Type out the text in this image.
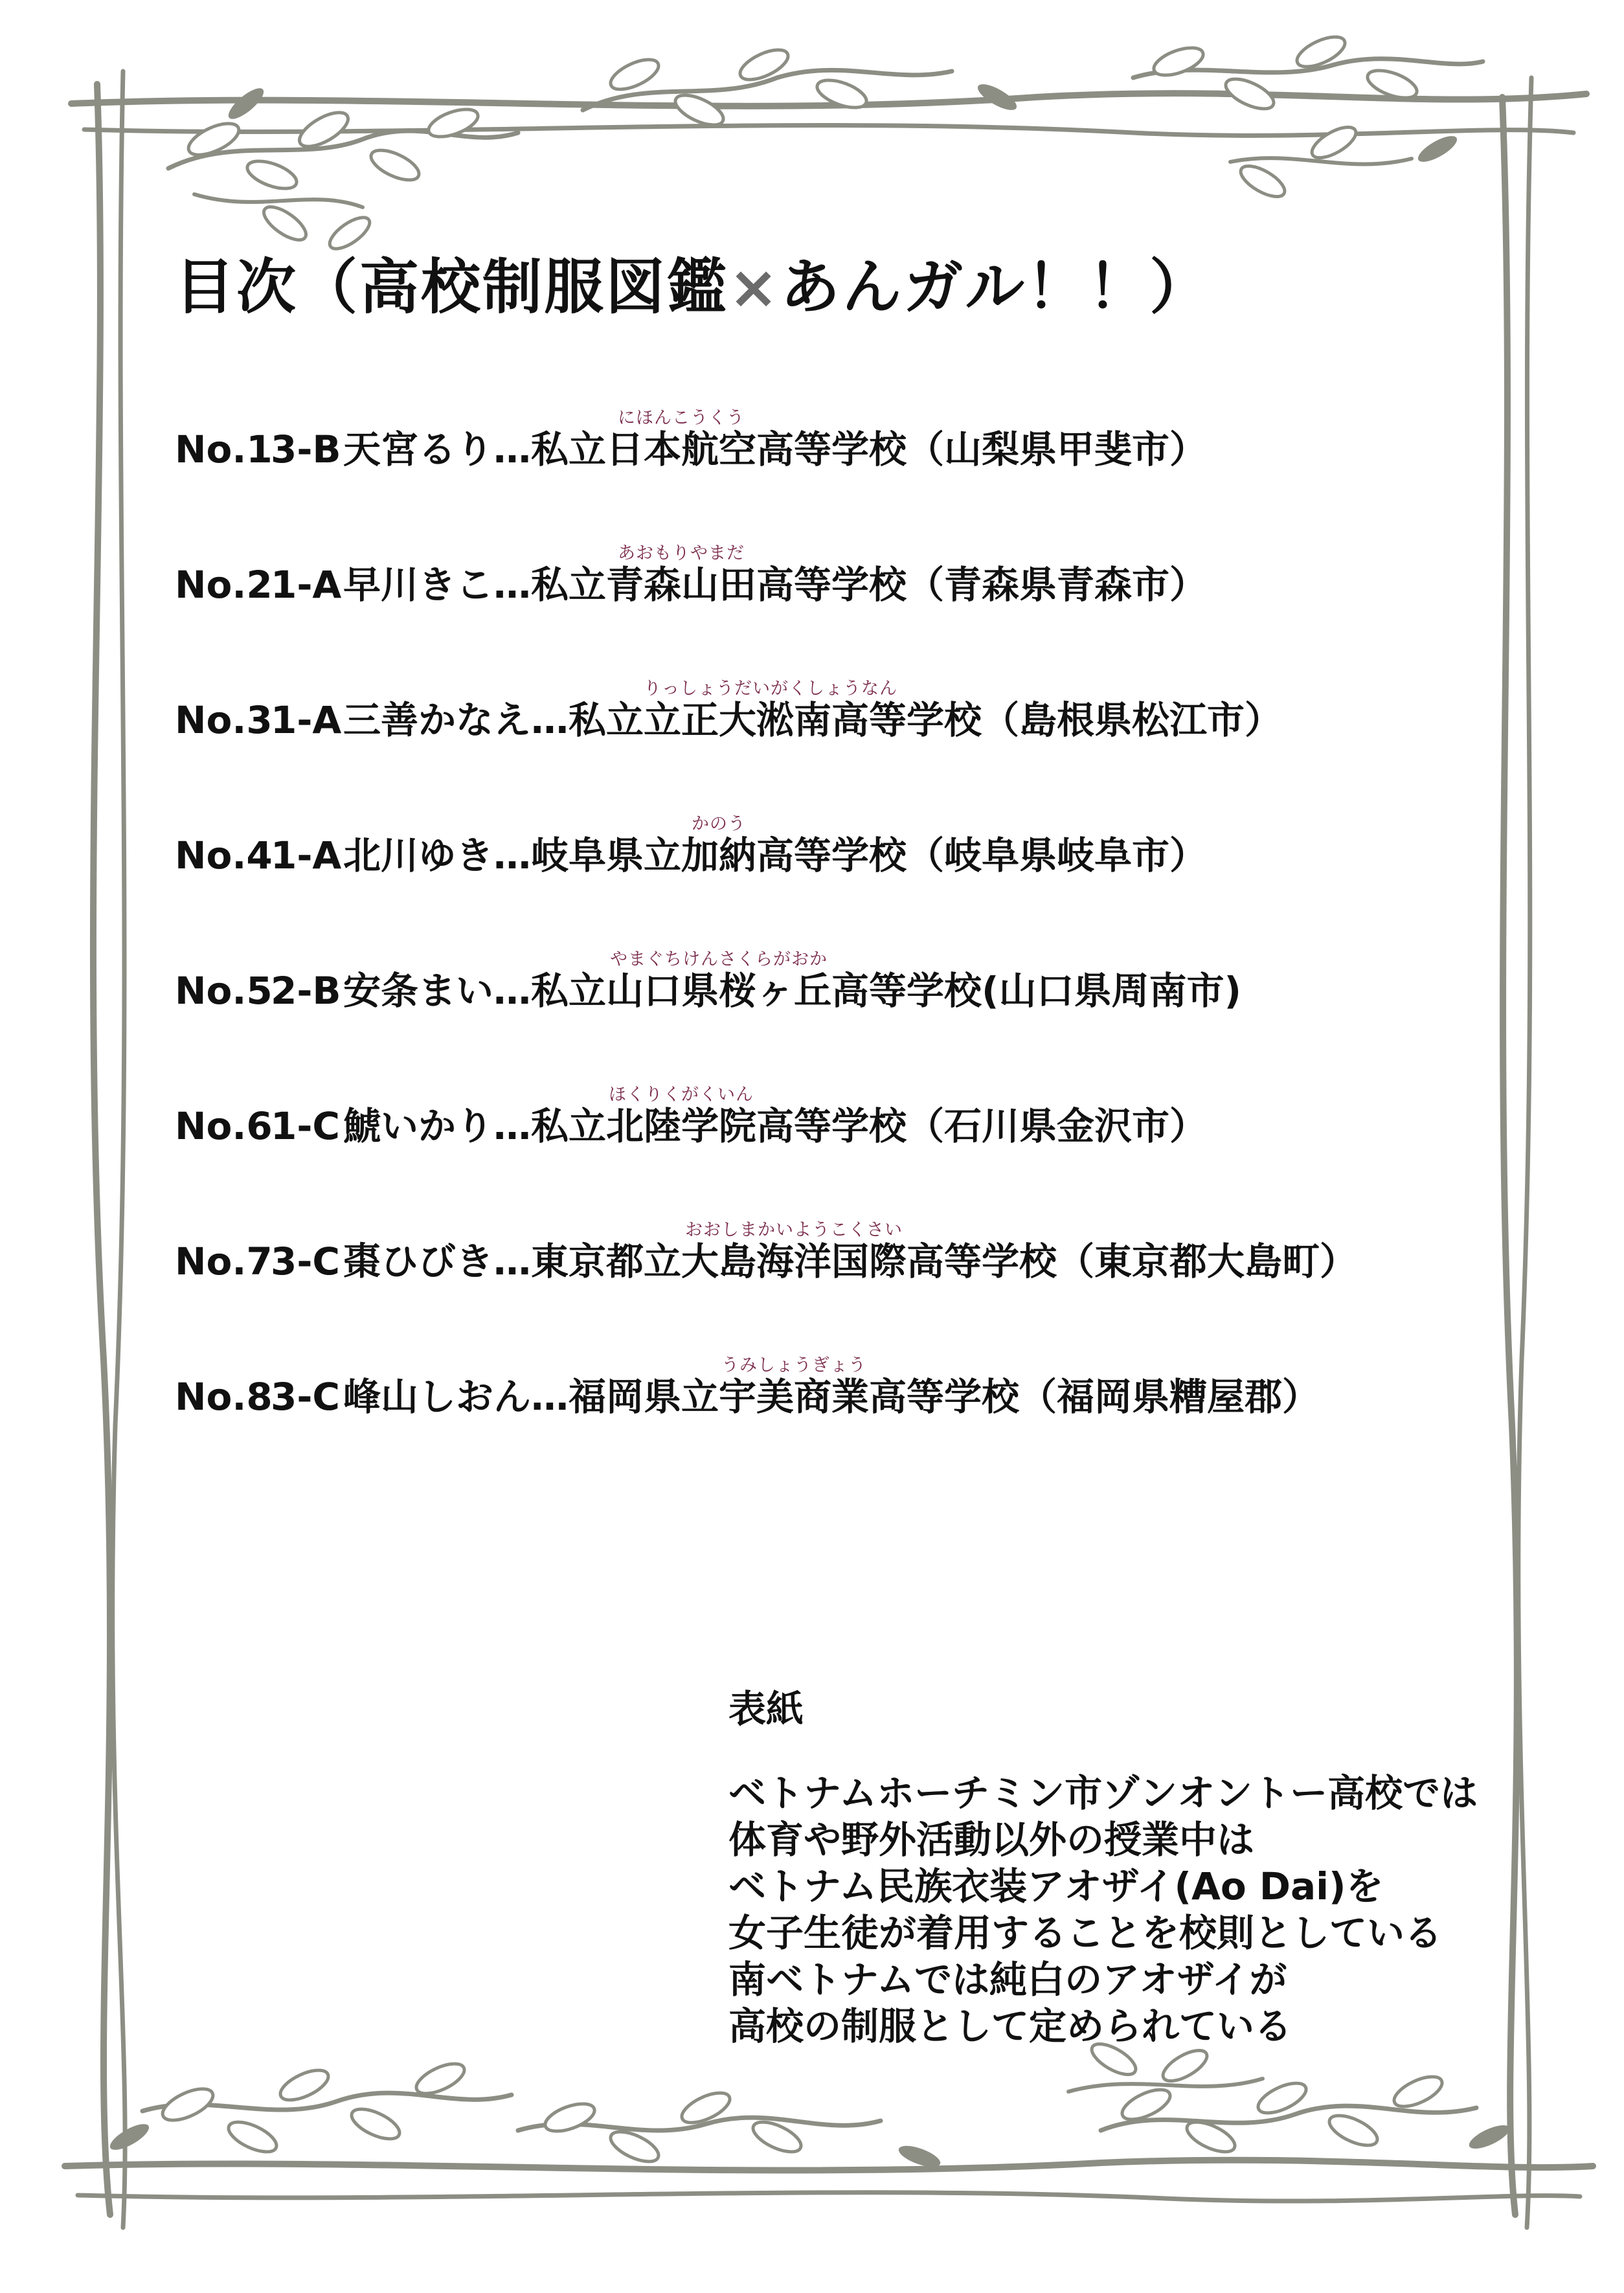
目次（高校制服図鑑×あんガル！！）
No.13-B天宮るり…私立
にほんこうくう
日本航空高等学校（山梨県甲斐市）
No.21-A早川きこ…私立
あおもりやまだ
青森山田高等学校（青森県青森市）
No.31-A三善かなえ…私立
りっしょうだいがくしょうなん
立正大淞南高等学校（島根県松江市）
No.41-A北川ゆき…岐阜県立
かのう
加納高等学校（岐阜県岐阜市）
No.52-B安条まい…私立
やまぐちけんさくらがおか
山口県桜ヶ丘高等学校(山口県周南市)
No.61-C鯱いかり…私立
ほくりくがくいん
北陸学院高等学校（石川県金沢市）
No.73-C棗ひびき…東京都立
おおしまかいようこくさい
大島海洋国際高等学校（東京都大島町）
No.83-C峰山しおん…福岡県立
うみしょうぎょう
宇美商業高等学校（福岡県糟屋郡）
表紙
ベトナムホーチミン市ゾンオントー高校では
体育や野外活動以外の授業中は
ベトナム民族衣装アオザイ(Ao Dai)を
女子生徒が着用することを校則としている
南ベトナムでは純白のアオザイが
高校の制服として定められている
